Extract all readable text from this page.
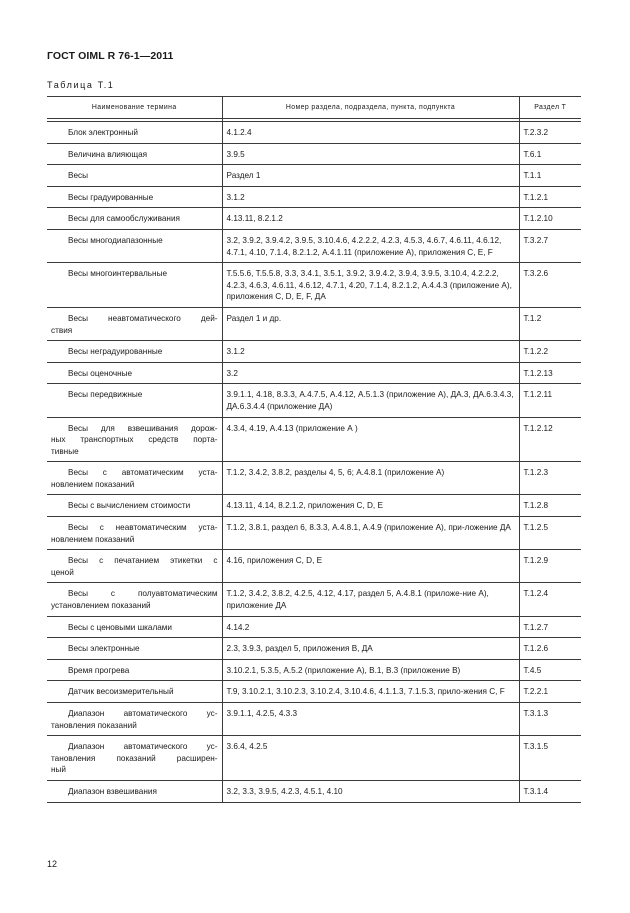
ГОСТ OIML R 76-1—2011
Таблица Т.1
Наименование термина	Номер раздела, подраздела, пункта, подпункта	Раздел Т

Блок электронный	4.1.2.4	Т.2.3.2

Величина влияющая	3.9.5	Т.6.1

Весы	Раздел 1	Т.1.1

Весы градуированные	3.1.2	Т.1.2.1

Весы для самообслуживания	4.13.11, 8.2.1.2	Т.1.2.10

Весы многодиапазонные	3.2, 3.9.2, 3.9.4.2, 3.9.5, 3.10.4.6, 4.2.2.2, 4.2.3, 4.5.3, 4.6.7, 4.6.11, 4.6.12, 4.7.1, 4.10, 7.1.4, 8.2.1.2, А.4.1.11 (приложение А), приложения С, Е, F	Т.3.2.7

Весы многоинтервальные	Т.5.5.6, Т.5.5.8, 3.3, 3.4.1, 3.5.1, 3.9.2, 3.9.4.2, 3.9.4, 3.9.5, 3.10.4, 4.2.2.2, 4.2.3, 4.6.3, 4.6.11, 4.6.12, 4.7.1, 4.20, 7.1.4, 8.2.1.2, А.4.4.3 (приложение А), приложения С, D, Е, F, ДА	Т.3.2.6

Весы неавтоматического дей-
ствия	Раздел 1 и др.	Т.1.2

Весы неградуированные	3.1.2	Т.1.2.2

Весы оценочные	3.2	Т.1.2.13

Весы передвижные	3.9.1.1, 4.18, 8.3.3, А.4.7.5, А.4.12, А.5.1.3 (приложение А), ДА.3, ДА.6.3.4.3, ДА.6.3.4.4 (приложение ДА)	Т.1.2.11

Весы для взвешивания дорож-
ных транспортных средств порта-
тивные	4.3.4, 4.19, А.4.13 (приложение А )	Т.1.2.12

Весы с автоматическим уста-
новлением показаний	Т.1.2, 3.4.2, 3.8.2, разделы 4, 5, 6; А.4.8.1 (приложение А)	Т.1.2.3

Весы с вычислением стоимости	4.13.11, 4.14, 8.2.1.2, приложения С, D, Е	Т.1.2.8

Весы с неавтоматическим уста-
новлением показаний	Т.1.2, 3.8.1, раздел 6, 8.3.3, А.4.8.1, А.4.9 (приложение А), при-ложение ДА	Т.1.2.5

Весы с печатанием этикетки с
ценой	4.16, приложения С, D, Е	Т.1.2.9

Весы с полуавтоматическим
установлением показаний	Т.1.2, 3.4.2, 3.8.2, 4.2.5, 4.12, 4.17, раздел 5, А.4.8.1 (приложе-ние А), приложение ДА	Т.1.2.4

Весы с ценовыми шкалами	4.14.2	Т.1.2.7

Весы электронные	2.3, 3.9.3, раздел 5, приложения В, ДА	Т.1.2.6

Время прогрева	3.10.2.1, 5.3.5, А.5.2 (приложение А), В.1, В.3 (приложение В)	Т.4.5

Датчик весоизмерительный	Т.9, 3.10.2.1, 3.10.2.3, 3.10.2.4, 3.10.4.6, 4.1.1.3, 7.1.5.3, прило-жения С, F	Т.2.2.1

Диапазон автоматического ус-
тановления показаний	3.9.1.1, 4.2.5, 4.3.3	Т.3.1.3

Диапазон автоматического ус-
тановления показаний расширен-
ный	3.6.4, 4.2.5	Т.3.1.5

Диапазон взвешивания	3.2, 3.3, 3.9.5, 4.2.3, 4.5.1, 4.10	Т.3.1.4
12
